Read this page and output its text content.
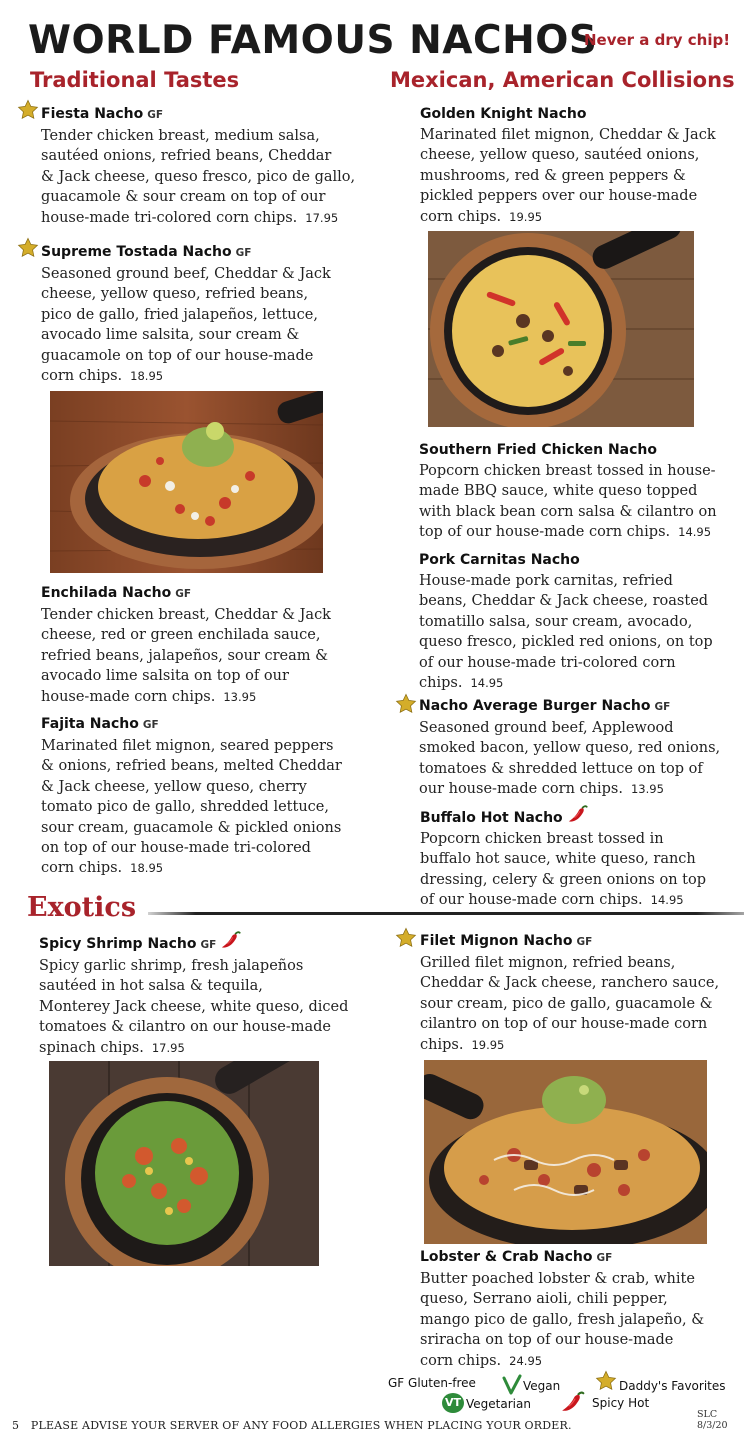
WORLD FAMOUS NACHOS
Never a dry chip!
Traditional Tastes	Mexican, American Collisions
Fiesta Nacho GF
Tender chicken breast, medium salsa,
sautéed onions, refried beans, Cheddar
& Jack cheese, queso fresco, pico de gallo,
guacamole & sour cream on top of our
house-made tri-colored corn chips. 17.95
Supreme Tostada Nacho GF
Seasoned ground beef, Cheddar & Jack
cheese, yellow queso, refried beans,
pico de gallo, fried jalapeños, lettuce,
avocado lime salsita, sour cream &
guacamole on top of our house-made
corn chips. 18.95
Enchilada Nacho GF
Tender chicken breast, Cheddar & Jack
cheese, red or green enchilada sauce,
refried beans, jalapeños, sour cream &
avocado lime salsita on top of our
house-made corn chips. 13.95
Fajita Nacho GF
Marinated filet mignon, seared peppers
& onions, refried beans, melted Cheddar
& Jack cheese, yellow queso, cherry
tomato pico de gallo, shredded lettuce,
sour cream, guacamole & pickled onions
on top of our house-made tri-colored
corn chips. 18.95
Golden Knight Nacho
Marinated filet mignon, Cheddar & Jack
cheese, yellow queso, sautéed onions,
mushrooms, red & green peppers &
pickled peppers over our house-made
corn chips. 19.95
Southern Fried Chicken Nacho
Popcorn chicken breast tossed in house-
made BBQ sauce, white queso topped
with black bean corn salsa & cilantro on
top of our house-made corn chips. 14.95
Pork Carnitas Nacho
House-made pork carnitas, refried
beans, Cheddar & Jack cheese, roasted
tomatillo salsa, sour cream, avocado,
queso fresco, pickled red onions, on top
of our house-made tri-colored corn
chips. 14.95
Nacho Average Burger Nacho GF
Seasoned ground beef, Applewood
smoked bacon, yellow queso, red onions,
tomatoes & shredded lettuce on top of
our house-made corn chips. 13.95
Buffalo Hot Nacho
Popcorn chicken breast tossed in
buffalo hot sauce, white queso, ranch
dressing, celery & green onions on top
of our house-made corn chips. 14.95
Exotics
Spicy Shrimp Nacho GF
Spicy garlic shrimp, fresh jalapeños
sautéed in hot salsa & tequila,
Monterey Jack cheese, white queso, diced
tomatoes & cilantro on our house-made
spinach chips. 17.95
Filet Mignon Nacho GF
Grilled filet mignon, refried beans,
Cheddar & Jack cheese, ranchero sauce,
sour cream, pico de gallo, guacamole &
cilantro on top of our house-made corn
chips. 19.95
Lobster & Crab Nacho GF
Butter poached lobster & crab, white
queso, Serrano aioli, chili pepper,
mango pico de gallo, fresh jalapeño, &
sriracha on top of our house-made
corn chips. 24.95
GF Gluten-free	Vegan
VT Vegetarian
Daddy's Favorites
Spicy Hot
5 PLEASE ADVISE YOUR SERVER OF ANY FOOD ALLERGIES WHEN PLACING YOUR ORDER.
SLC
8/3/20
